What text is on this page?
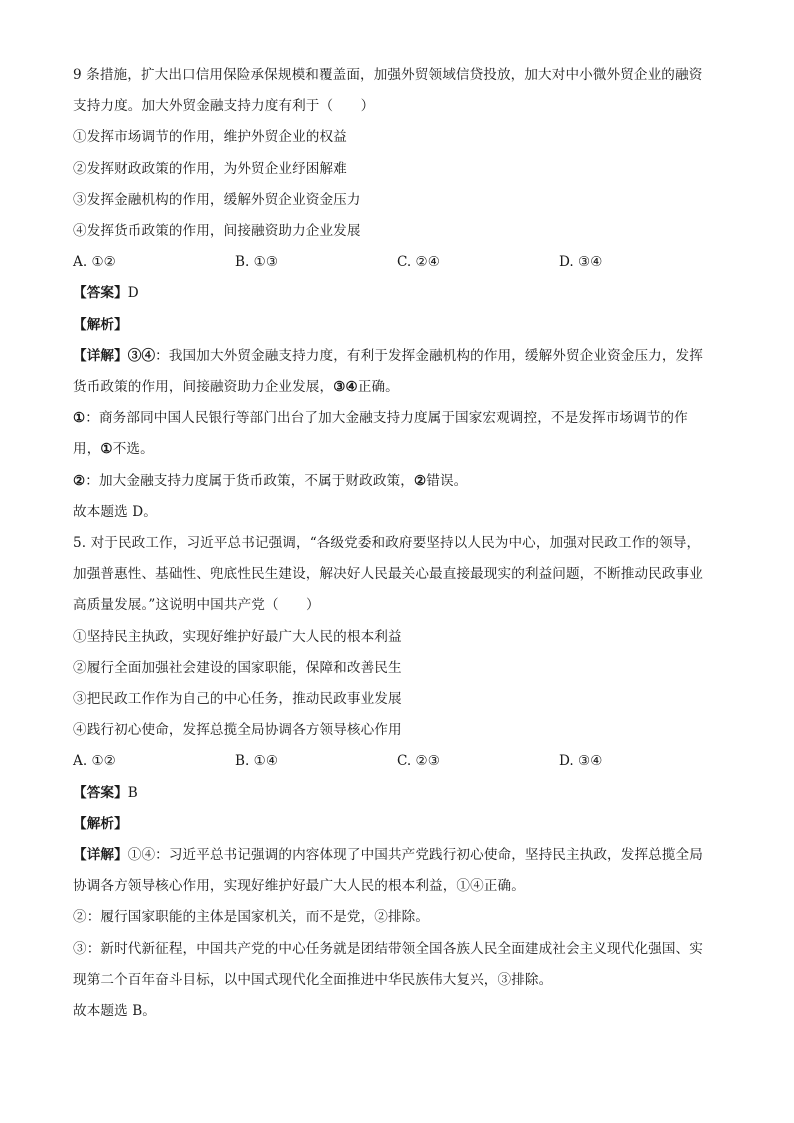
9 条措施，扩大出口信用保险承保规模和覆盖面，加强外贸领域信贷投放，加大对中小微外贸企业的融资
支持力度。加大外贸金融支持力度有利于（　　）
①发挥市场调节的作用，维护外贸企业的权益
②发挥财政政策的作用，为外贸企业纾困解难
③发挥金融机构的作用，缓解外贸企业资金压力
④发挥货币政策的作用，间接融资助力企业发展
A. ①②	B. ①③	C. ②④	D. ③④
【答案】D
【解析】
【详解】③④：我国加大外贸金融支持力度，有利于发挥金融机构的作用，缓解外贸企业资金压力，发挥
货币政策的作用，间接融资助力企业发展，③④正确。
①：商务部同中国人民银行等部门出台了加大金融支持力度属于国家宏观调控，不是发挥市场调节的作
用，①不选。
②：加大金融支持力度属于货币政策，不属于财政政策，②错误。
故本题选 D。
5. 对于民政工作，习近平总书记强调，“各级党委和政府要坚持以人民为中心，加强对民政工作的领导，
加强普惠性、基础性、兜底性民生建设，解决好人民最关心最直接最现实的利益问题，不断推动民政事业
高质量发展。”这说明中国共产党（　　）
①坚持民主执政，实现好维护好最广大人民的根本利益
②履行全面加强社会建设的国家职能，保障和改善民生
③把民政工作作为自己的中心任务，推动民政事业发展
④践行初心使命，发挥总揽全局协调各方领导核心作用
A. ①②	B. ①④	C. ②③	D. ③④
【答案】B
【解析】
【详解】①④：习近平总书记强调的内容体现了中国共产党践行初心使命，坚持民主执政，发挥总揽全局
协调各方领导核心作用，实现好维护好最广大人民的根本利益，①④正确。
②：履行国家职能的主体是国家机关，而不是党，②排除。
③：新时代新征程，中国共产党的中心任务就是团结带领全国各族人民全面建成社会主义现代化强国、实
现第二个百年奋斗目标，以中国式现代化全面推进中华民族伟大复兴，③排除。
故本题选 B。
